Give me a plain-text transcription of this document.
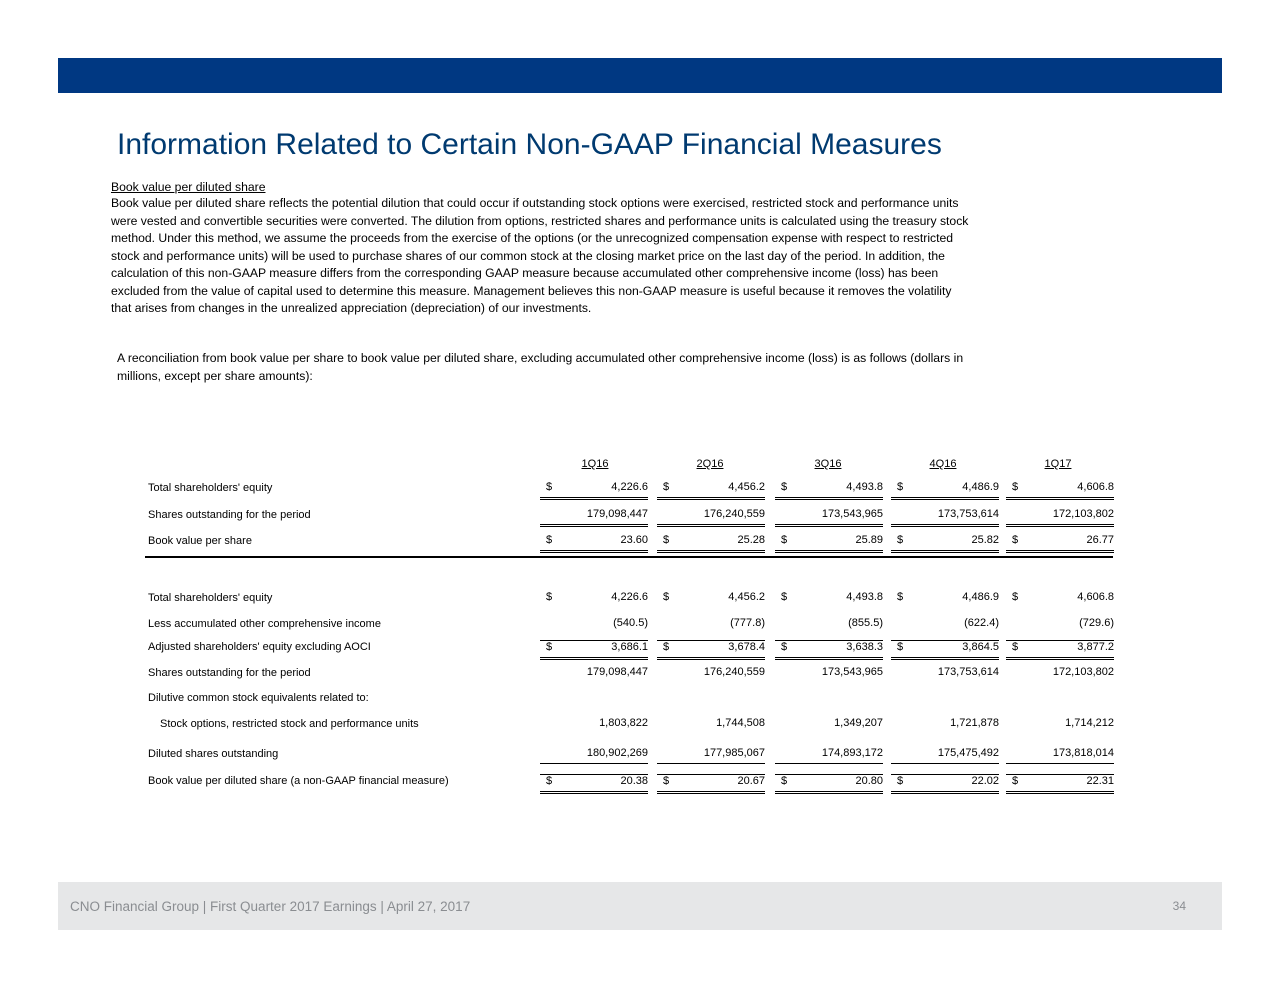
Information Related to Certain Non-GAAP Financial Measures
Book value per diluted share
Book value per diluted share reflects the potential dilution that could occur if outstanding stock options were exercised, restricted stock and performance units
were vested and convertible securities were converted. The dilution from options, restricted shares and performance units is calculated using the treasury stock
method. Under this method, we assume the proceeds from the exercise of the options (or the unrecognized compensation expense with respect to restricted
stock and performance units) will be used to purchase shares of our common stock at the closing market price on the last day of the period. In addition, the
calculation of this non-GAAP measure differs from the corresponding GAAP measure because accumulated other comprehensive income (loss) has been
excluded from the value of capital used to determine this measure. Management believes this non-GAAP measure is useful because it removes the volatility
that arises from changes in the unrealized appreciation (depreciation) of our investments.
A reconciliation from book value per share to book value per diluted share, excluding accumulated other comprehensive income (loss) is as follows (dollars in
millions, except per share amounts):
1Q16	2Q16	3Q16	4Q16	1Q17
Total shareholders' equity	$	4,226.6 $	4,456.2 $	4,493.8 $	4,486.9 $	4,606.8
Shares outstanding for the period	179,098,447	176,240,559	173,543,965	173,753,614	172,103,802
Book value per share	$	23.60 $	25.28 $	25.89 $	25.82 $	26.77
Total shareholders' equity	$	4,226.6 $	4,456.2 $	4,493.8 $	4,486.9 $	4,606.8
Less accumulated other comprehensive income	(540.5)	(777.8)	(855.5)	(622.4)	(729.6)
Adjusted shareholders' equity excluding AOCI	$	3,686.1 $	3,678.4 $	3,638.3 $	3,864.5 $	3,877.2
Shares outstanding for the period	179,098,447	176,240,559	173,543,965	173,753,614	172,103,802
Dilutive common stock equivalents related to:
Stock options, restricted stock and performance units	1,803,822	1,744,508	1,349,207	1,721,878	1,714,212
Diluted shares outstanding	180,902,269	177,985,067	174,893,172	175,475,492	173,818,014
Book value per diluted share (a non-GAAP financial measure)	$	20.38 $	20.67 $	20.80 $	22.02 $	22.31
CNO Financial Group | First Quarter 2017 Earnings | April 27, 2017	34
